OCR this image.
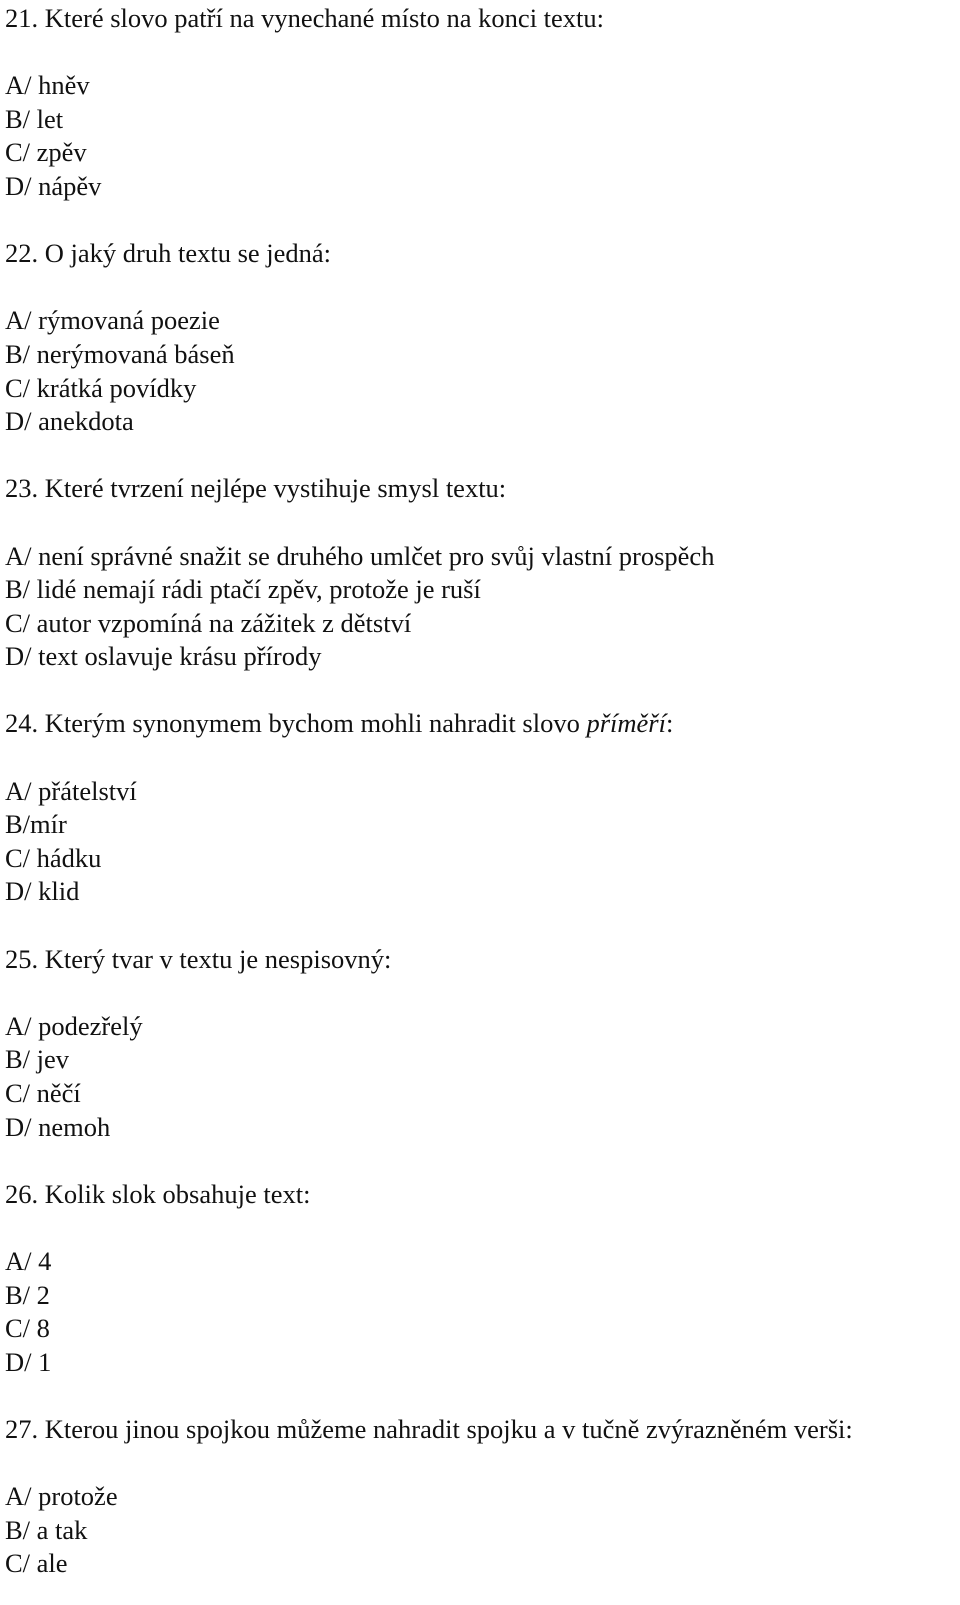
21. Které slovo patří na vynechané místo na konci textu:
A/ hněv
B/ let
C/ zpěv
D/ nápěv
22. O jaký druh textu se jedná:
A/ rýmovaná poezie
B/ nerýmovaná báseň
C/ krátká povídky
D/ anekdota
23. Které tvrzení nejlépe vystihuje smysl textu:
A/ není správné snažit se druhého umlčet pro svůj vlastní prospěch
B/ lidé nemají rádi ptačí zpěv, protože je ruší
C/ autor vzpomíná na zážitek z dětství
D/ text oslavuje krásu přírody
24. Kterým synonymem bychom mohli nahradit slovo příměří:
A/ přátelství
B/mír
C/ hádku
D/ klid
25. Který tvar v textu je nespisovný:
A/ podezřelý
B/ jev
C/ něčí
D/ nemoh
26. Kolik slok obsahuje text:
A/ 4
B/ 2
C/ 8
D/ 1
27. Kterou jinou spojkou můžeme nahradit spojku a v tučně zvýrazněném verši:
A/ protože
B/ a tak
C/ ale
